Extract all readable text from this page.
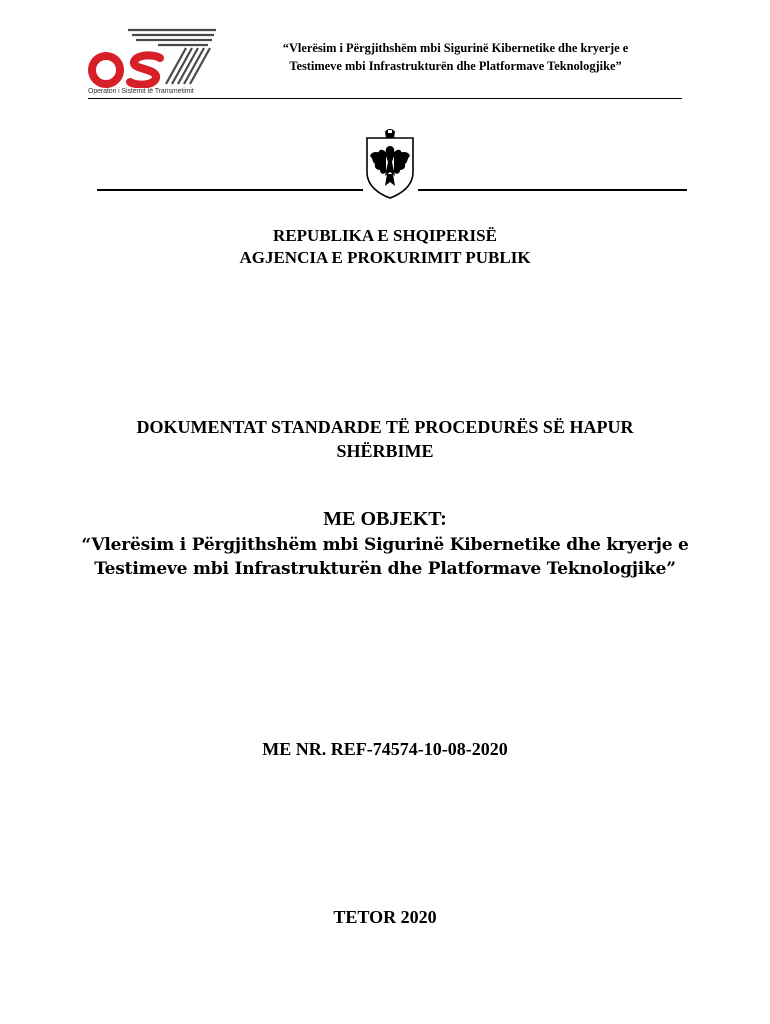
Operatori i Sistemit të Transmetimit
“Vlerësim i Përgjithshëm mbi Sigurinë Kibernetike dhe kryerje e
Testimeve mbi Infrastrukturën dhe Platformave Teknologjike”
REPUBLIKA E SHQIPERISË
AGJENCIA E PROKURIMIT PUBLIK
DOKUMENTAT STANDARDE TË PROCEDURËS SË HAPUR
SHËRBIME
ME OBJEKT:
“Vlerësim i Përgjithshëm mbi Sigurinë Kibernetike dhe kryerje e
Testimeve mbi Infrastrukturën dhe Platformave Teknologjike”
ME NR. REF-74574-10-08-2020
TETOR 2020
